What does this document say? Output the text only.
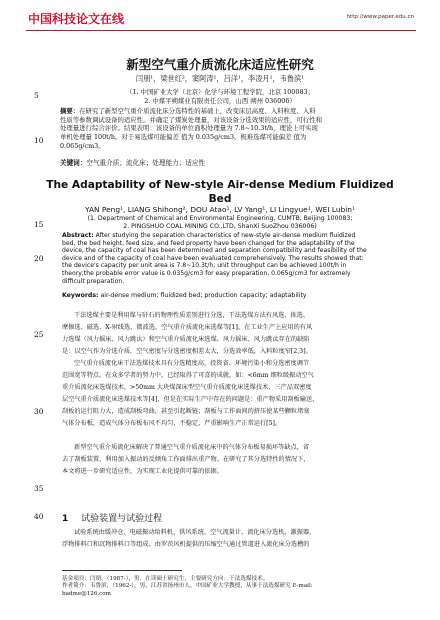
中国科技论文在线	http://www.paper.edu.cn
5
10
15
20
25
30
35
40
新型空气重介质流化床适应性研究
闫朋¹，梁世红²，窦阿涛¹，吕洋¹，李凌月¹，韦鲁滨¹
（1. 中国矿业大学（北京）化学与环境工程学院，北京 100083；
2. 中煤平朔煤业有限责任公司，山西 朔州 036006）
摘要：在研究了新型空气重介质流化床分选特性的基础上，改变床层高度、入料粒度、入料
性质等参数调试设备的适应性。并确定了煤炭处理量，对该设备分选效果的适应性，可行性和
处理量进行综合评价。结果表明：该设备的单位面积处理量为 7.8~10.3t/h，理论上可实现
单机处理量 100t/h。对于易选煤可能偏差 值为 0.035g/cm3，极难选煤可能偏差 值为
0.065g/cm3。
关键词：空气重介质；流化床；处理能力；适应性
The Adaptability of New-style Air-dense Medium Fluidized
Bed
YAN Peng¹, LIANG Shihong², DOU Atao¹, LV Yang¹, LI Lingyue¹, WEI Lubin¹
(1. Department of Chemical and Environmental Engineering, CUMTB, Beijing 100083;
2. PINGSHUO COAL MINING CO.,LTD, ShanXi SuoZhou 036006)
Abstract: After studying the separation characteristics of new-style air-dense medium fluidized
bed, the bed height, feed size, and feed property have been changed for the adaptability of the
device, the capacity of coal has been determined and separation compatibility and feasibility of the
device and of the capacity of coal have been evaluated comprehensively. The results showed that:
the device's capacity per unit area is 7.8~10.3t/h; unit throughput can be achieved 100t/h in
theory;the probable error value is 0.035g/cm3 for easy preparation, 0.065g/cm3 for extremely
difficult preparation.
Keywords: air-dense medium; fluidized bed; production capacity; adaptability
干法选煤主要是利用煤与矸石的物理性质差别进行分选，干法选煤方法有风选、拣选、
摩擦选、磁选、X-射线选、微波选、空气重介质流化床选煤等[1]。在工业生产上应用的有风
力选煤（风力摇床、风力跳汰）和空气重介质流化床选煤。风力摇床、风力跳汰存在的缺陷
是：以空气作为分选介质，空气密度与分选密度相差太大，分选效率低，入料粒度窄[2,3]。
空气重介质流化床干法选煤技术具有分选精度高、投资省、环境污染小和分选密度调节
范围宽等特点。在众多学者的努力中，已经取得了可喜的成就，如：<6mm 细粒级振动空气
重介质流化床选煤技术，>50mm 大块煤深床型空气重介质流化床选煤技术，三产品双密度
层空气重介质流化床选煤技术等[4]，但是在实际生产中存在的问题是：重产物采用刮板输送，
刮板的运行阻力大，造成刮板弯曲，甚至引起断链；刮板与工作面间的挤压使某些颗粒堵塞
气体分布板，造成气体分布板布风不均匀，不稳定，严重影响生产正常运行[5]。
新型空气重介质流化床解决了普通空气重介质流化床中的气体分布板易损坏等缺点，省
去了刮板装置，利用加入振动的反倾角工作面排出重产物。在研究了其分选特性的情况下，
本文将进一步研究适应性，为实现工业化提供可靠的依据。
1 试验装置与试验过程
试验系统由缓冲仓、电磁振动给料机、供风系统、空气流量计、流化床分选机、激振器、
浮物排料口和沉物排料口等组成。由罗茨风机提供的压缩空气通过管道进入流化床分选槽的
基金项目：闫朋，（1987-），男，在读硕士研究生，主要研究方向：干法选煤技术。
作者简介：韦鲁滨，（1962-），男，江苏省扬州市人，中国矿业大学教授，从事干法选煤研究 E-mail:
badme@126.com
